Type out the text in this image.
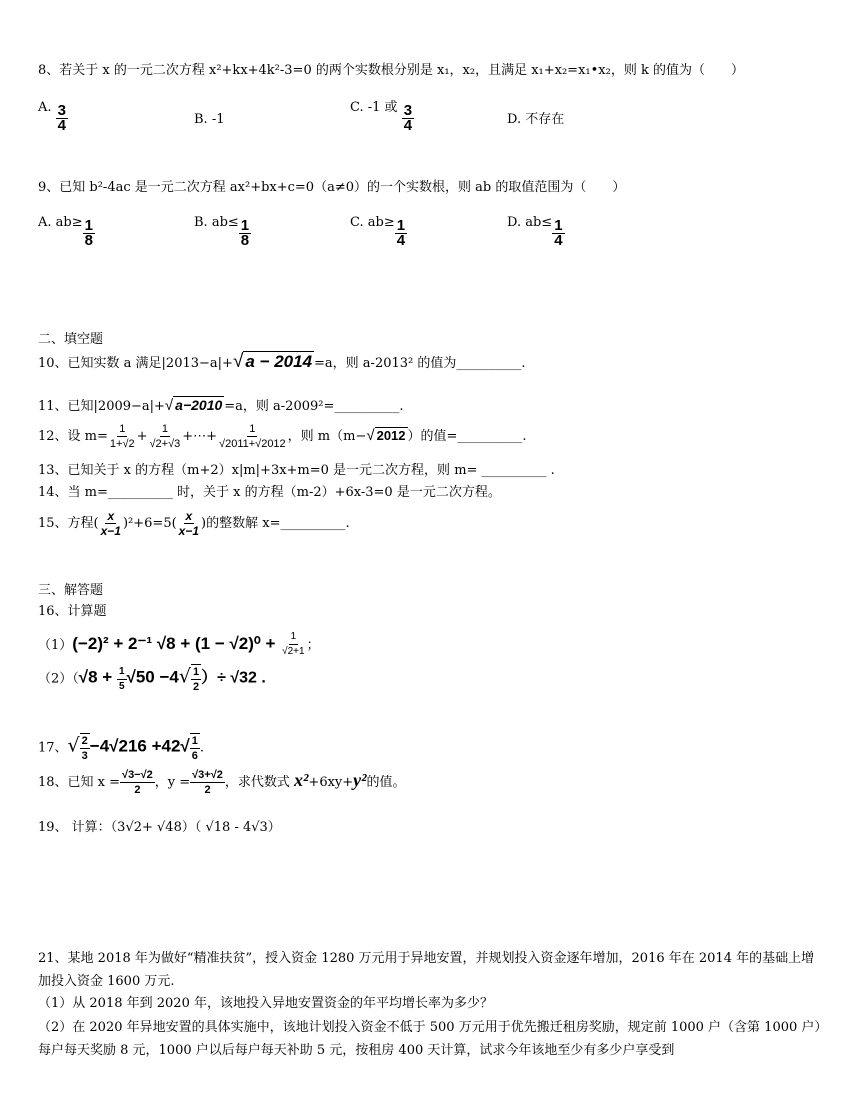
8、若关于 x 的一元二次方程 x²+kx+4k²-3=0 的两个实数根分别是 x₁，x₂，且满足 x₁+x₂=x₁•x₂，则 k 的值为（　　）
A. $\frac{3}{4}$	B. -1
C. -1 或 $\frac{3}{4}$	D. 不存在
9、已知 b²-4ac 是一元二次方程 ax²+bx+c=0（a≠0）的一个实数根，则 ab 的取值范围为（　　）
A. $ab\ge \frac{1}{8}$	B. $ab\le \frac{1}{8}$	C. $ab\ge \frac{1}{4}$	D. $ab\le \frac{1}{4}$
二、填空题
10、已知实数 a 满足|2013−a|+√ a − 2014 =a，则 a-2013² 的值为__________.
11、已知|2009−a|+√ a−2010 =a，则 a-2009²=__________.
12、设 $m= \frac{1}{1+√2} + \frac{1}{√2+√3}$ +⋯+ $\frac{1}{√2011+√2012}$ ，则 m（m−√ 2012 ）的值=__________.
13、已知关于 x 的方程（m+2）x|m|+3x+m=0 是一元二次方程，则 m= __________ .
14、当 m=__________ 时，关于 x 的方程（m-2）+6x-3=0 是一元二次方程。
15、方程( $\frac{x}{x-1} )^2+6=5( \frac{x}{x-1}$ )的整数解 x=__________.
三、解答题
16、计算题
（1）(−2)² + 2⁻¹ $√8 + (1 - √2)^0 + \frac{1}{√2+1}$ ；
$(2)(√8 + \frac{1}{5} √50 -4√ \frac{1}{2}$ ）÷ √32 .
17、√ $\frac{2}{3} -4√216 +42√ \frac{1}{6}$ .
18、已知 $x = \frac{√3-√2}{2}$ ，$y = \frac{√3+√2}{2}$ ，求代数式 x²+6xy+y²的值。
19、 计算：（3√2+ √48）（ √18 - 4√3）
21、某地 2018 年为做好“精准扶贫”，授入资金 1280 万元用于异地安置，并规划投入资金逐年增加，2016 年在 2014 年的基础上增加投入资金 1600 万元.
（1）从 2018 年到 2020 年，该地投入异地安置资金的年平均增长率为多少？
（2）在 2020 年异地安置的具体实施中，该地计划投入资金不低于 500 万元用于优先搬迁租房奖励，规定前 1000 户（含第 1000 户）每户每天奖励 8 元，1000 户以后每户每天补助 5 元，按租房 400 天计算，试求今年该地至少有多少户享受到
